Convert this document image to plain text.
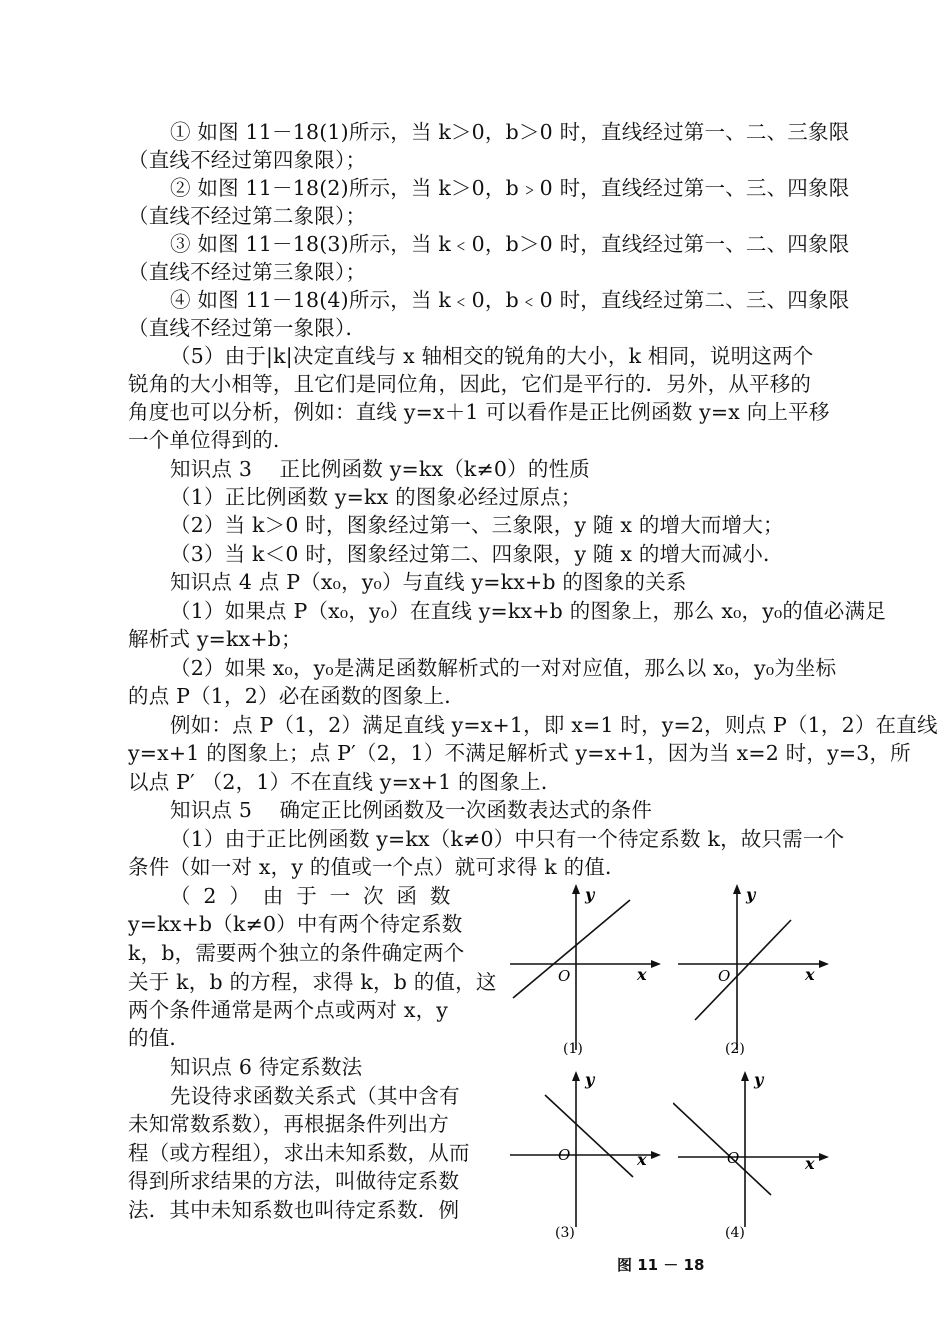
① 如图 11－18(1)所示，当 k＞0，b＞0 时，直线经过第一、二、三象限
（直线不经过第四象限）；
② 如图 11－18(2)所示，当 k＞0，b﹥0 时，直线经过第一、三、四象限
（直线不经过第二象限）；
③ 如图 11－18(3)所示，当 k﹤0，b＞0 时，直线经过第一、二、四象限
（直线不经过第三象限）；
④ 如图 11－18(4)所示，当 k﹤0，b﹤0 时，直线经过第二、三、四象限
（直线不经过第一象限）．
（5）由于|k|决定直线与 x 轴相交的锐角的大小，k 相同，说明这两个
锐角的大小相等，且它们是同位角，因此，它们是平行的．另外，从平移的
角度也可以分析，例如：直线 y=x＋1 可以看作是正比例函数 y=x 向上平移
一个单位得到的.
知识点 3　 正比例函数 y=kx（k≠0）的性质
（1）正比例函数 y=kx 的图象必经过原点；
（2）当 k＞0 时，图象经过第一、三象限，y 随 x 的增大而增大；
（3）当 k＜0 时，图象经过第二、四象限，y 随 x 的增大而减小．
知识点 4 点 P（x₀，y₀）与直线 y=kx+b 的图象的关系
（1）如果点 P（x₀，y₀）在直线 y=kx+b 的图象上，那么 x₀，y₀的值必满足
解析式 y=kx+b；
（2）如果 x₀，y₀是满足函数解析式的一对对应值，那么以 x₀，y₀为坐标
的点 P（1，2）必在函数的图象上．
例如：点 P（1，2）满足直线 y=x+1，即 x=1 时，y=2，则点 P（1，2）在直线
y=x+1 的图象上；点 P′（2，1）不满足解析式 y=x+1，因为当 x=2 时，y=3，所
以点 P′ （2，1）不在直线 y=x+1 的图象上．
知识点 5　 确定正比例函数及一次函数表达式的条件
（1）由于正比例函数 y=kx（k≠0）中只有一个待定系数 k，故只需一个
条件（如一对 x，y 的值或一个点）就可求得 k 的值．
（ 2 ） 由 于 一 次 函 数
y=kx+b（k≠0）中有两个待定系数
k，b，需要两个独立的条件确定两个
关于 k，b 的方程，求得 k，b 的值，这
两个条件通常是两个点或两对 x，y
的值．
知识点 6 待定系数法
先设待求函数关系式（其中含有
未知常数系数），再根据条件列出方
程（或方程组），求出未知系数，从而
得到所求结果的方法，叫做待定系数
法．其中未知系数也叫待定系数．例
y
x
O
(1)
y
x
O
(2)
y
x
O
(3)
y
x
O
(4)
图 11 － 18
